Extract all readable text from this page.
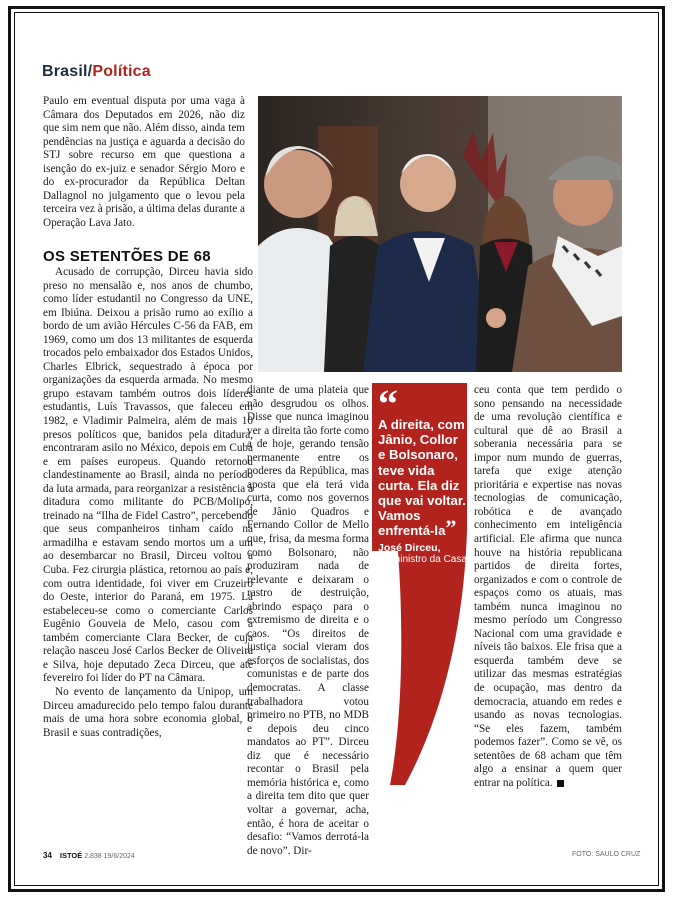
Brasil/Política

Paulo em eventual disputa por uma vaga à Câmara dos Deputados em 2026, não diz que sim nem que não. Além disso, ainda tem pendências na justiça e aguarda a decisão do STJ sobre recurso em que questiona a isenção do ex-juiz e senador Sérgio Moro e do ex-procurador da República Deltan Dallagnol no julgamento que o levou pela terceira vez à prisão, a última delas durante a Operação Lava Jato.

OS SETENTÕES DE 68

Acusado de corrupção, Dirceu havia sido preso no mensalão e, nos anos de chumbo, como líder estudantil no Congresso da UNE, em Ibiúna. Deixou a prisão rumo ao exílio a bordo de um avião Hércules C-56 da FAB, em 1969, como um dos 13 militantes de esquerda trocados pelo embaixador dos Estados Unidos, Charles Elbrick, sequestrado à época por organizações da esquerda armada. No mesmo grupo estavam também outros dois líderes estudantis, Luís Travassos, que faleceu em 1982, e Vladimir Palmeira, além de mais 10 presos políticos que, banidos pela ditadura, encontraram asilo no México, depois em Cuba e em países europeus. Quando retornou clandestinamente ao Brasil, ainda no período da luta armada, para reorganizar a resistência à ditadura como militante do PCB/Molipo, treinado na “Ilha de Fidel Castro”, percebendo que seus companheiros tinham caído na armadilha e estavam sendo mortos um a um ao desembarcar no Brasil, Dirceu voltou a Cuba. Fez cirurgia plástica, retornou ao país e, com outra identidade, foi viver em Cruzeiro do Oeste, interior do Paraná, em 1975. Lá estabeleceu-se como o comerciante Carlos Eugênio Gouveia de Melo, casou com a também comerciante Clara Becker, de cuja relação nasceu José Carlos Becker de Oliveira e Silva, hoje deputado Zeca Dirceu, que até fevereiro foi líder do PT na Câmara.

No evento de lançamento da Unipop, um Dirceu amadurecido pelo tempo falou durante mais de uma hora sobre economia global, o Brasil e suas contradições,

“
A direita, com Jânio, Collor e Bolsonaro, teve vida curta. Ela diz que vai voltar. Vamos enfrentá-la”
José Dirceu,
ex-ministro da Casa Civil

diante de uma plateia que não desgrudou os olhos. Disse que nunca imaginou ver a direita tão forte como a de hoje, gerando tensão permanente entre os poderes da República, mas aposta que ela terá vida curta, como nos governos de Jânio Quadros e Fernando Collor de Mello que, frisa, da mesma forma como Bolsonaro, não produziram nada de relevante e deixaram o rastro de destruição, abrindo espaço para o extremismo de direita e o caos. “Os direitos de justiça social vieram dos esforços de socialistas, dos comunistas e de parte dos democratas. A classe trabalhadora votou primeiro no PTB, no MDB e depois deu cinco mandatos ao PT”. Dirceu diz que é necessário recontar o Brasil pela memória histórica e, como a direita tem dito que quer voltar a governar, acha, então, é hora de aceitar o desafio: “Vamos derrotá-la de novo”. Dir-

ceu conta que tem perdido o sono pensando na necessidade de uma revolução científica e cultural que dê ao Brasil a soberania necessária para se impor num mundo de guerras, tarefa que exige atenção prioritária e expertise nas novas tecnologias de comunicação, robótica e de avançado conhecimento em inteligência artificial. Ele afirma que nunca houve na história republicana partidos de direita fortes, organizados e com o controle de espaços como os atuais, mas também nunca imaginou no mesmo período um Congresso Nacional com uma gravidade e níveis tão baixos. Ele frisa que a esquerda também deve se utilizar das mesmas estratégias de ocupação, mas dentro da democracia, atuando em redes e usando as novas tecnologias. “Se eles fazem, também podemos fazer”. Como se vê, os setentões de 68 acham que têm algo a ensinar a quem quer entrar na política.

34 ISTOÉ 2.838 19/6/2024	FOTO: SAULO CRUZ
